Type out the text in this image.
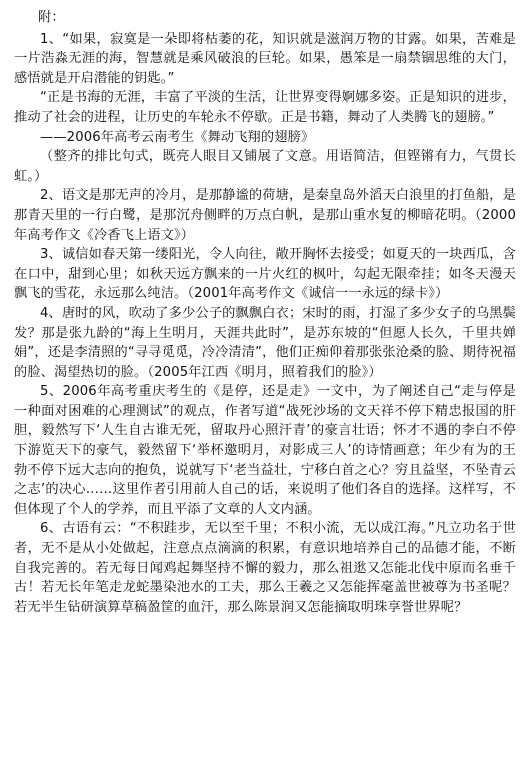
附：

1、“如果，寂寞是一朵即将枯萎的花，知识就是滋润万物的甘露。如果，苦难是一片浩淼无涯的海，智慧就是乘风破浪的巨轮。如果，愚笨是一扇禁锢思维的大门，感悟就是开启潜能的钥匙。”

“正是书海的无涯，丰富了平淡的生活，让世界变得婀娜多姿。正是知识的进步，推动了社会的进程，让历史的车轮永不停歇。正是书籍，舞动了人类腾飞的翅膀。”

——2006年高考云南考生《舞动飞翔的翅膀》

（整齐的排比句式，既亮人眼目又铺展了文意。用语简洁，但铿锵有力，气贯长虹。）

2、语文是那无声的冷月，是那静谧的荷塘，是秦皇岛外滔天白浪里的打鱼船，是那青天里的一行白鹭，是那沉舟侧畔的万点白帆，是那山重水复的柳暗花明。（2000年高考作文《冷香飞上语文》）

3、诚信如春天第一缕阳光，令人向往，敞开胸怀去接受；如夏天的一块西瓜，含在口中，甜到心里；如秋天远方飘来的一片火红的枫叶，勾起无限牵挂；如冬天漫天飘飞的雪花，永远那么纯洁。（2001年高考作文《诚信一一永远的绿卡》）

4、唐时的风，吹动了多少公子的飘飘白衣；宋时的雨，打湿了多少女子的乌黑鬓发？那是张九龄的“海上生明月，天涯共此时”，是苏东坡的“但愿人长久，千里共婵娟”，还是李清照的“寻寻觅觅，冷冷清清”，他们正痴仰着那张张沧桑的脸、期待祝福的脸、渴望热切的脸。（2005年江西《明月，照着我们的脸》）

5、2006年高考重庆考生的《是停，还是走》一文中，为了阐述自己“走与停是一种面对困难的心理测试”的观点，作者写道“战死沙场的文天祥不停下精忠报国的肝胆，毅然写下‘人生自古谁无死，留取丹心照汗青’的豪言壮语；怀才不遇的李白不停下游览天下的豪气，毅然留下‘举杯邀明月，对影成三人’的诗情画意；年少有为的王勃不停下远大志向的抱负，说就写下‘老当益壮，宁移白首之心？穷且益坚，不坠青云之志’的决心……这里作者引用前人自己的话，来说明了他们各自的选择。这样写，不但体现了个人的学养，而且平添了文章的人文内涵。

6、古语有云：“不积跬步，无以至千里；不积小流，无以成江海。”凡立功名于世者，无不是从小处做起，注意点点滴滴的积累，有意识地培养自己的品德才能，不断自我完善的。若无每日闻鸡起舞坚持不懈的毅力，那么祖逖又怎能北伐中原而名垂千古！若无长年笔走龙蛇墨染池水的工夫，那么王羲之又怎能挥毫盖世被尊为书圣呢？若无半生钻研演算草稿盈筐的血汗，那么陈景润又怎能摘取明珠享誉世界呢？
